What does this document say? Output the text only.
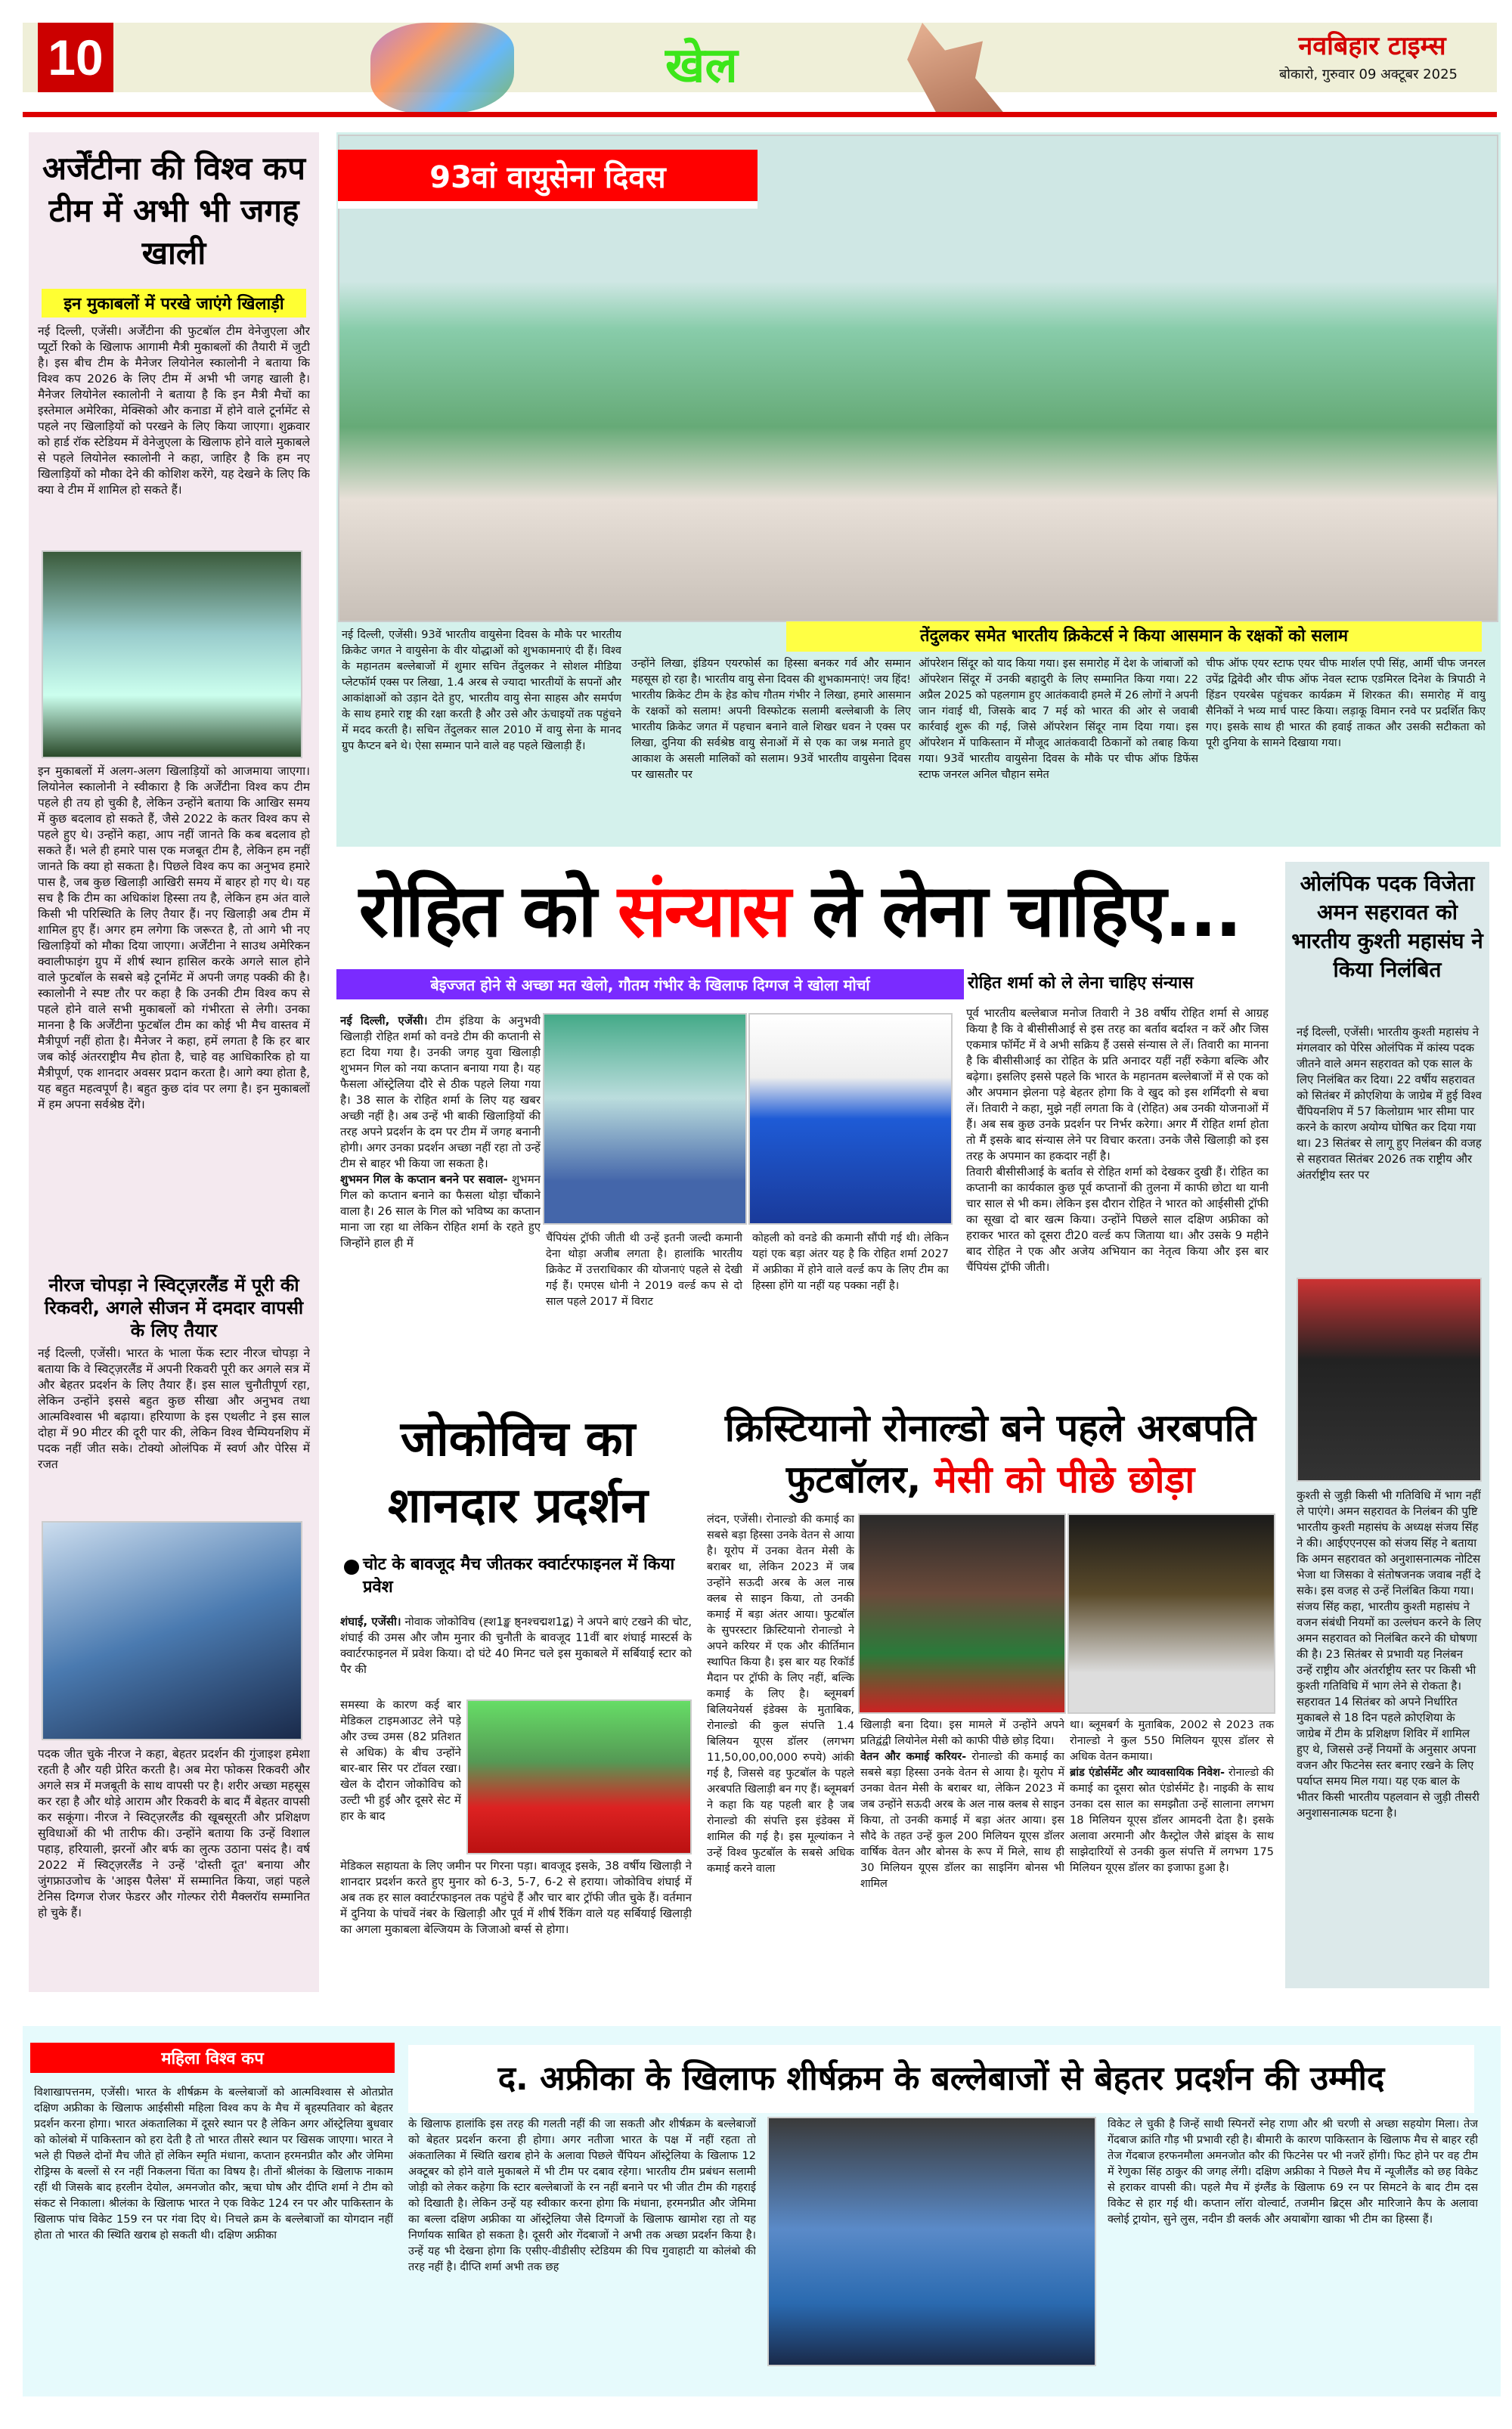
10	खेल	नवबिहार टाइम्स
बोकारो, गुरुवार 09 अक्टूबर 2025
अर्जेंटीना की विश्व कप टीम में अभी भी जगह खाली
इन मुकाबलों में परखे जाएंगे खिलाड़ी
नई दिल्ली, एजेंसी। अर्जेंटीना की फुटबॉल टीम वेनेजुएला और प्यूर्टो रिको के खिलाफ आगामी मैत्री मुकाबलों की तैयारी में जुटी है। इस बीच टीम के मैनेजर लियोनेल स्कालोनी ने बताया कि विश्व कप 2026 के लिए टीम में अभी भी जगह खाली है। मैनेजर लियोनेल स्कालोनी ने बताया है कि इन मैत्री मैचों का इस्तेमाल अमेरिका, मेक्सिको और कनाडा में होने वाले टूर्नामेंट से पहले नए खिलाड़ियों को परखने के लिए किया जाएगा। शुक्रवार को हार्ड रॉक स्टेडियम में वेनेजुएला के खिलाफ होने वाले मुकाबले से पहले लियोनेल स्कालोनी ने कहा, जाहिर है कि हम नए खिलाड़ियों को मौका देने की कोशिश करेंगे, यह देखने के लिए कि क्या वे टीम में शामिल हो सकते हैं।
इन मुकाबलों में अलग-अलग खिलाड़ियों को आजमाया जाएगा। लियोनेल स्कालोनी ने स्वीकारा है कि अर्जेंटीना विश्व कप टीम पहले ही तय हो चुकी है, लेकिन उन्होंने बताया कि आखिर समय में कुछ बदलाव हो सकते हैं, जैसे 2022 के कतर विश्व कप से पहले हुए थे। उन्होंने कहा, आप नहीं जानते कि कब बदलाव हो सकते हैं। भले ही हमारे पास एक मजबूत टीम है, लेकिन हम नहीं जानते कि क्या हो सकता है। पिछले विश्व कप का अनुभव हमारे पास है, जब कुछ खिलाड़ी आखिरी समय में बाहर हो गए थे। यह सच है कि टीम का अधिकांश हिस्सा तय है, लेकिन हम अंत वाले किसी भी परिस्थिति के लिए तैयार हैं। नए खिलाड़ी अब टीम में शामिल हुए हैं। अगर हम लगेगा कि जरूरत है, तो आगे भी नए खिलाड़ियों को मौका दिया जाएगा। अर्जेंटीना ने साउथ अमेरिकन क्वालीफाइंग ग्रुप में शीर्ष स्थान हासिल करके अगले साल होने वाले फुटबॉल के सबसे बड़े टूर्नामेंट में अपनी जगह पक्की की है। स्कालोनी ने स्पष्ट तौर पर कहा है कि उनकी टीम विश्व कप से पहले होने वाले सभी मुकाबलों को गंभीरता से लेगी। उनका मानना है कि अर्जेंटीना फुटबॉल टीम का कोई भी मैच वास्तव में मैत्रीपूर्ण नहीं होता है। मैनेजर ने कहा, हमें लगता है कि हर बार जब कोई अंतरराष्ट्रीय मैच होता है, चाहे वह आधिकारिक हो या मैत्रीपूर्ण, एक शानदार अवसर प्रदान करता है। आगे क्या होता है, यह बहुत महत्वपूर्ण है। बहुत कुछ दांव पर लगा है। इन मुकाबलों में हम अपना सर्वश्रेष्ठ देंगे।
नीरज चोपड़ा ने स्विट्ज़रलैंड में पूरी की रिकवरी, अगले सीजन में दमदार वापसी के लिए तैयार
नई दिल्ली, एजेंसी। भारत के भाला फेंक स्टार नीरज चोपड़ा ने बताया कि वे स्विट्ज़रलैंड में अपनी रिकवरी पूरी कर अगले सत्र में और बेहतर प्रदर्शन के लिए तैयार हैं। इस साल चुनौतीपूर्ण रहा, लेकिन उन्होंने इससे बहुत कुछ सीखा और अनुभव तथा आत्मविश्वास भी बढ़ाया। हरियाणा के इस एथलीट ने इस साल दोहा में 90 मीटर की दूरी पार की, लेकिन विश्व चैम्पियनशिप में पदक नहीं जीत सके। टोक्यो ओलंपिक में स्वर्ण और पेरिस में रजत
पदक जीत चुके नीरज ने कहा, बेहतर प्रदर्शन की गुंजाइश हमेशा रहती है और यही प्रेरित करती है। अब मेरा फोकस रिकवरी और अगले सत्र में मजबूती के साथ वापसी पर है। शरीर अच्छा महसूस कर रहा है और थोड़े आराम और रिकवरी के बाद मैं बेहतर वापसी कर सकूंगा। नीरज ने स्विट्ज़रलैंड की खूबसूरती और प्रशिक्षण सुविधाओं की भी तारीफ की। उन्होंने बताया कि उन्हें विशाल पहाड़, हरियाली, झरनों और बर्फ का लुत्फ उठाना पसंद है। वर्ष 2022 में स्विट्ज़रलैंड ने उन्हें 'दोस्ती दूत' बनाया और जुंगफ्राउजोच के 'आइस पैलेस' में सम्मानित किया, जहां पहले टेनिस दिग्गज रोजर फेडरर और गोल्फर रोरी मैक्लरॉय सम्मानित हो चुके हैं।
93वां वायुसेना दिवस
तेंदुलकर समेत भारतीय क्रिकेटर्स ने किया आसमान के रक्षकों को सलाम
नई दिल्ली, एजेंसी। 93वें भारतीय वायुसेना दिवस के मौके पर भारतीय क्रिकेट जगत ने वायुसेना के वीर योद्धाओं को शुभकामनाएं दी हैं। विश्व के महानतम बल्लेबाजों में शुमार सचिन तेंदुलकर ने सोशल मीडिया प्लेटफॉर्म एक्स पर लिखा, 1.4 अरब से ज्यादा भारतीयों के सपनों और आकांक्षाओं को उड़ान देते हुए, भारतीय वायु सेना साहस और समर्पण के साथ हमारे राष्ट्र की रक्षा करती है और उसे और ऊंचाइयों तक पहुंचने में मदद करती है। सचिन तेंदुलकर साल 2010 में वायु सेना के मानद ग्रुप कैप्टन बने थे। ऐसा सम्मान पाने वाले वह पहले खिलाड़ी हैं।
उन्होंने लिखा, इंडियन एयरफोर्स का हिस्सा बनकर गर्व और सम्मान महसूस हो रहा है। भारतीय वायु सेना दिवस की शुभकामनाएं! जय हिंद! भारतीय क्रिकेट टीम के हेड कोच गौतम गंभीर ने लिखा, हमारे आसमान के रक्षकों को सलाम! अपनी विस्फोटक सलामी बल्लेबाजी के लिए भारतीय क्रिकेट जगत में पहचान बनाने वाले शिखर धवन ने एक्स पर लिखा, दुनिया की सर्वश्रेष्ठ वायु सेनाओं में से एक का जश्न मनाते हुए आकाश के असली मालिकों को सलाम। 93वें भारतीय वायुसेना दिवस पर खासतौर पर
ऑपरेशन सिंदूर को याद किया गया। इस समारोह में देश के जांबाजों को ऑपरेशन सिंदूर में उनकी बहादुरी के लिए सम्मानित किया गया। 22 अप्रैल 2025 को पहलगाम हुए आतंकवादी हमले में 26 लोगों ने अपनी जान गंवाई थी, जिसके बाद 7 मई को भारत की ओर से जवाबी कार्रवाई शुरू की गई, जिसे ऑपरेशन सिंदूर नाम दिया गया। इस ऑपरेशन में पाकिस्तान में मौजूद आतंकवादी ठिकानों को तबाह किया गया। 93वें भारतीय वायुसेना दिवस के मौके पर चीफ ऑफ डिफेंस स्टाफ जनरल अनिल चौहान समेत
चीफ ऑफ एयर स्टाफ एयर चीफ मार्शल एपी सिंह, आर्मी चीफ जनरल उपेंद्र द्विवेदी और चीफ ऑफ नेवल स्टाफ एडमिरल दिनेश के त्रिपाठी ने हिंडन एयरबेस पहुंचकर कार्यक्रम में शिरकत की। समारोह में वायु सैनिकों ने भव्य मार्च पास्ट किया। लड़ाकू विमान रनवे पर प्रदर्शित किए गए। इसके साथ ही भारत की हवाई ताकत और उसकी सटीकता को पूरी दुनिया के सामने दिखाया गया।
रोहित को संन्यास ले लेना चाहिए...
बेइज्जत होने से अच्छा मत खेलो, गौतम गंभीर के खिलाफ दिग्गज ने खोला मोर्चा	रोहित शर्मा को ले लेना चाहिए संन्यास
नई दिल्ली, एजेंसी। टीम इंडिया के अनुभवी खिलाड़ी रोहित शर्मा को वनडे टीम की कप्तानी से हटा दिया गया है। उनकी जगह युवा खिलाड़ी शुभमन गिल को नया कप्तान बनाया गया है। यह फैसला ऑस्ट्रेलिया दौरे से ठीक पहले लिया गया है। 38 साल के रोहित शर्मा के लिए यह खबर अच्छी नहीं है। अब उन्हें भी बाकी खिलाड़ियों की तरह अपने प्रदर्शन के दम पर टीम में जगह बनानी होगी। अगर उनका प्रदर्शन अच्छा नहीं रहा तो उन्हें टीम से बाहर भी किया जा सकता है।
शुभमन गिल के कप्तान बनने पर सवाल- शुभमन गिल को कप्तान बनाने का फैसला थोड़ा चौंकाने वाला है। 26 साल के गिल को भविष्य का कप्तान माना जा रहा था लेकिन रोहित शर्मा के रहते हुए जिन्होंने हाल ही में	चैंपियंस ट्रॉफी जीती थी उन्हें इतनी जल्दी कमानी देना थोड़ा अजीब लगता है। हालांकि भारतीय क्रिकेट में उत्तराधिकार की योजनाएं पहले से देखी गई हैं। एमएस धोनी ने 2019 वर्ल्ड कप से दो साल पहले 2017 में विराट
कोहली को वनडे की कमानी सौंपी गई थी। लेकिन यहां एक बड़ा अंतर यह है कि रोहित शर्मा 2027 में अफ्रीका में होने वाले वर्ल्ड कप के लिए टीम का हिस्सा होंगे या नहीं यह पक्का नहीं है।
पूर्व भारतीय बल्लेबाज मनोज तिवारी ने 38 वर्षीय रोहित शर्मा से आग्रह किया है कि वे बीसीसीआई से इस तरह का बर्ताव बर्दाश्त न करें और जिस एकमात्र फॉर्मेट में वे अभी सक्रिय हैं उससे संन्यास ले लें। तिवारी का मानना है कि बीसीसीआई का रोहित के प्रति अनादर यहीं नहीं रुकेगा बल्कि और बढ़ेगा। इसलिए इससे पहले कि भारत के महानतम बल्लेबाजों में से एक को और अपमान झेलना पड़े बेहतर होगा कि वे खुद को इस शर्मिंदगी से बचा लें। तिवारी ने कहा, मुझे नहीं लगता कि वे (रोहित) अब उनकी योजनाओं में हैं। अब सब कुछ उनके प्रदर्शन पर निर्भर करेगा। अगर मैं रोहित शर्मा होता तो मैं इसके बाद संन्यास लेने पर विचार करता। उनके जैसे खिलाड़ी को इस तरह के अपमान का हकदार नहीं है।
तिवारी बीसीसीआई के बर्ताव से रोहित शर्मा को देखकर दुखी हैं। रोहित का कप्तानी का कार्यकाल कुछ पूर्व कप्तानों की तुलना में काफी छोटा था यानी चार साल से भी कम। लेकिन इस दौरान रोहित ने भारत को आईसीसी ट्रॉफी का सूखा दो बार खत्म किया। उन्होंने पिछले साल दक्षिण अफ्रीका को हराकर भारत को दूसरा टी20 वर्ल्ड कप जिताया था। और उसके 9 महीने बाद रोहित ने एक और अजेय अभियान का नेतृत्व किया और इस बार चैंपियंस ट्रॉफी जीती।
ओलंपिक पदक विजेता अमन सहरावत को भारतीय कुश्ती महासंघ ने किया निलंबित
नई दिल्ली, एजेंसी। भारतीय कुश्ती महासंघ ने मंगलवार को पेरिस ओलंपिक में कांस्य पदक जीतने वाले अमन सहरावत को एक साल के लिए निलंबित कर दिया। 22 वर्षीय सहरावत को सितंबर में क्रोएशिया के जाग्रेब में हुई विश्व चैंपियनशिप में 57 किलोग्राम भार सीमा पार करने के कारण अयोग्य घोषित कर दिया गया था। 23 सितंबर से लागू हुए निलंबन की वजह से सहरावत सितंबर 2026 तक राष्ट्रीय और अंतर्राष्ट्रीय स्तर पर
कुश्ती से जुड़ी किसी भी गतिविधि में भाग नहीं ले पाएंगे। अमन सहरावत के निलंबन की पुष्टि भारतीय कुश्ती महासंघ के अध्यक्ष संजय सिंह ने की। आईएएनएस को संजय सिंह ने बताया कि अमन सहरावत को अनुशासनात्मक नोटिस भेजा था जिसका वे संतोषजनक जवाब नहीं दे सके। इस वजह से उन्हें निलंबित किया गया। संजय सिंह कहा, भारतीय कुश्ती महासंघ ने वजन संबंधी नियमों का उल्लंघन करने के लिए अमन सहरावत को निलंबित करने की घोषणा की है। 23 सितंबर से प्रभावी यह निलंबन उन्हें राष्ट्रीय और अंतर्राष्ट्रीय स्तर पर किसी भी कुश्ती गतिविधि में भाग लेने से रोकता है। सहरावत 14 सितंबर को अपने निर्धारित मुकाबले से 18 दिन पहले क्रोएशिया के जाग्रेब में टीम के प्रशिक्षण शिविर में शामिल हुए थे, जिससे उन्हें नियमों के अनुसार अपना वजन और फिटनेस स्तर बनाए रखने के लिए पर्याप्त समय मिल गया। यह एक बाल के भीतर किसी भारतीय पहलवान से जुड़ी तीसरी अनुशासनात्मक घटना है।
जोकोविच का शानदार प्रदर्शन
चोट के बावजूद मैच जीतकर क्वार्टरफाइनल में किया प्रवेश
शंघाई, एजेंसी। नोवाक जोकोविच (ह्श1ङ्ख ष्ठ्नश्चद्मश1द्ब) ने अपने बाएं टखने की चोट, शंघाई की उमस और जौम मुनार की चुनौती के बावजूद 11वीं बार शंघाई मास्टर्स के क्वार्टरफाइनल में प्रवेश किया। दो घंटे 40 मिनट चले इस मुकाबले में सर्बियाई स्टार को पैर की
समस्या के कारण कई बार मेडिकल टाइमआउट लेने पड़े और उच्च उमस (82 प्रतिशत से अधिक) के बीच उन्होंने बार-बार सिर पर टॉवल रखा। खेल के दौरान जोकोविच को उल्टी भी हुई और दूसरे सेट में हार के बाद
मेडिकल सहायता के लिए जमीन पर गिरना पड़ा। बावजूद इसके, 38 वर्षीय खिलाड़ी ने शानदार प्रदर्शन करते हुए मुनार को 6-3, 5-7, 6-2 से हराया। जोकोविच शंघाई में अब तक हर साल क्वार्टरफाइनल तक पहुंचे हैं और चार बार ट्रॉफी जीत चुके हैं। वर्तमान में दुनिया के पांचवें नंबर के खिलाड़ी और पूर्व में शीर्ष रैंकिंग वाले यह सर्बियाई खिलाड़ी का अगला मुकाबला बेल्जियम के जिजाओ बर्ग्स से होगा।
क्रिस्टियानो रोनाल्डो बने पहले अरबपति फुटबॉलर, मेसी को पीछे छोड़ा
लंदन, एजेंसी। रोनाल्डो की कमाई का सबसे बड़ा हिस्सा उनके वेतन से आया है। यूरोप में उनका वेतन मेसी के बराबर था, लेकिन 2023 में जब उन्होंने सऊदी अरब के अल नास्र क्लब से साइन किया, तो उनकी कमाई में बड़ा अंतर आया। फुटबॉल के सुपरस्टार क्रिस्टियानो रोनाल्डो ने अपने करियर में एक और कीर्तिमान स्थापित किया है। इस बार यह रिकॉर्ड मैदान पर ट्रॉफी के लिए नहीं, बल्कि कमाई के लिए है। ब्लूमबर्ग बिलियनेयर्स इंडेक्स के मुताबिक, रोनाल्डो की कुल संपत्ति 1.4 बिलियन यूएस डॉलर (लगभग 11,50,00,00,000 रुपये) आंकी गई है, जिससे वह फुटबॉल के पहले अरबपति खिलाड़ी बन गए हैं। ब्लूमबर्ग ने कहा कि यह पहली बार है जब रोनाल्डो की संपत्ति इस इंडेक्स में शामिल की गई है। इस मूल्यांकन ने उन्हें विश्व फुटबॉल के सबसे अधिक कमाई करने वाला
खिलाड़ी बना दिया। इस मामले में उन्होंने अपने प्रतिद्वंद्वी लियोनेल मेसी को काफी पीछे छोड़ दिया।
वेतन और कमाई करियर- रोनाल्डो की कमाई का सबसे बड़ा हिस्सा उनके वेतन से आया है। यूरोप में उनका वेतन मेसी के बराबर था, लेकिन 2023 में जब उन्होंने सऊदी अरब के अल नास्र क्लब से साइन किया, तो उनकी कमाई में बड़ा अंतर आया। इस सौदे के तहत उन्हें कुल 200 मिलियन यूएस डॉलर वार्षिक वेतन और बोनस के रूप में मिले, साथ ही 30 मिलियन यूएस डॉलर का साइनिंग बोनस भी शामिल
था। ब्लूमबर्ग के मुताबिक, 2002 से 2023 तक रोनाल्डो ने कुल 550 मिलियन यूएस डॉलर से अधिक वेतन कमाया।
ब्रांड एंडोर्समेंट और व्यावसायिक निवेश- रोनाल्डो की कमाई का दूसरा स्रोत एंडोर्समेंट है। नाइकी के साथ उनका दस साल का समझौता उन्हें सालाना लगभग 18 मिलियन यूएस डॉलर आमदनी देता है। इसके अलावा अरमानी और कैस्ट्रोल जैसे ब्रांड्स के साथ साझेदारियों से उनकी कुल संपत्ति में लगभग 175 मिलियन यूएस डॉलर का इजाफा हुआ है।
महिला विश्व कप
द. अफ्रीका के खिलाफ शीर्षक्रम के बल्लेबाजों से बेहतर प्रदर्शन की उम्मीद
विशाखापत्तनम, एजेंसी। भारत के शीर्षक्रम के बल्लेबाजों को आत्मविश्वास से ओतप्रोत दक्षिण अफ्रीका के खिलाफ आईसीसी महिला विश्व कप के मैच में बृहस्पतिवार को बेहतर प्रदर्शन करना होगा। भारत अंकतालिका में दूसरे स्थान पर है लेकिन अगर ऑस्ट्रेलिया बुधवार को कोलंबो में पाकिस्तान को हरा देती है तो भारत तीसरे स्थान पर खिसक जाएगा। भारत ने भले ही पिछले दोनों मैच जीते हों लेकिन स्मृति मंधाना, कप्तान हरमनप्रीत कौर और जेमिमा रोड्रिग्स के बल्लों से रन नहीं निकलना चिंता का विषय है। तीनों श्रीलंका के खिलाफ नाकाम रहीं थी जिसके बाद हरलीन देयोल, अमनजोत कौर, ऋचा घोष और दीप्ति शर्मा ने टीम को संकट से निकाला। श्रीलंका के खिलाफ भारत ने एक विकेट 124 रन पर और पाकिस्तान के खिलाफ पांच विकेट 159 रन पर गंवा दिए थे। निचले क्रम के बल्लेबाजों का योगदान नहीं होता तो भारत की स्थिति खराब हो सकती थी। दक्षिण अफ्रीका
के खिलाफ हालांकि इस तरह की गलती नहीं की जा सकती और शीर्षक्रम के बल्लेबाजों को बेहतर प्रदर्शन करना ही होगा। अगर नतीजा भारत के पक्ष में नहीं रहता तो अंकतालिका में स्थिति खराब होने के अलावा पिछले चैंपियन ऑस्ट्रेलिया के खिलाफ 12 अक्टूबर को होने वाले मुकाबले में भी टीम पर दबाव रहेगा। भारतीय टीम प्रबंधन सलामी जोड़ी को लेकर कहेगा कि स्टार बल्लेबाजों के रन नहीं बनाने पर भी जीत टीम की गहराई को दिखाती है। लेकिन उन्हें यह स्वीकार करना होगा कि मंधाना, हरमनप्रीत और जेमिमा का बल्ला दक्षिण अफ्रीका या ऑस्ट्रेलिया जैसे दिग्गजों के खिलाफ खामोश रहा तो यह निर्णायक साबित हो सकता है। दूसरी ओर गेंदबाजों ने अभी तक अच्छा प्रदर्शन किया है। उन्हें यह भी देखना होगा कि एसीए-वीडीसीए स्टेडियम की पिच गुवाहाटी या कोलंबो की तरह नहीं है। दीप्ति शर्मा अभी तक छह
विकेट ले चुकी है जिन्हें साथी स्पिनरों स्नेह राणा और श्री चरणी से अच्छा सहयोग मिला। तेज गेंदबाज क्रांति गौड़ भी प्रभावी रही है। बीमारी के कारण पाकिस्तान के खिलाफ मैच से बाहर रही तेज गेंदबाज हरफनमौला अमनजोत कौर की फिटनेस पर भी नजरें होंगी। फिट होने पर वह टीम में रेणुका सिंह ठाकुर की जगह लेंगी। दक्षिण अफ्रीका ने पिछले मैच में न्यूजीलैंड को छह विकेट से हराकर वापसी की। पहले मैच में इंग्लैंड के खिलाफ 69 रन पर सिमटने के बाद टीम दस विकेट से हार गई थी। कप्तान लॉरा वोल्वार्ट, तजमीन ब्रिट्स और मारिजाने कैप के अलावा क्लोई ट्रायोन, सुने लुस, नदीन डी क्लर्क और अयाबोंगा खाका भी टीम का हिस्सा हैं।
